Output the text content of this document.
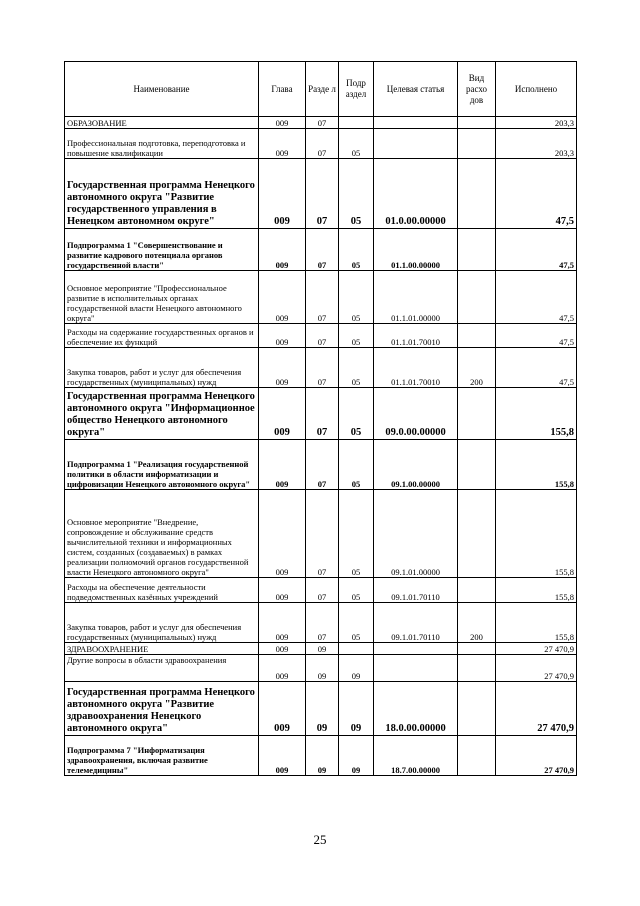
Наименование	Глава	Разде л	Подр аздел	Целевая статья	Вид расхо дов	Исполнено
ОБРАЗОВАНИЕ	009	07				203,3
Профессиональная подготовка, переподготовка и повышение квалификации	009	07	05			203,3
Государственная программа Ненецкого автономного округа "Развитие государственного управления в Ненецком автономном округе"	009	07	05	01.0.00.00000		47,5
Подпрограмма 1 "Совершенствование и развитие кадрового потенциала органов государственной власти"	009	07	05	01.1.00.00000		47,5
Основное мероприятие "Профессиональное развитие в исполнительных органах государственной власти Ненецкого автономного округа"	009	07	05	01.1.01.00000		47,5
Расходы на содержание государственных органов и обеспечение их функций	009	07	05	01.1.01.70010		47,5
Закупка товаров, работ и услуг для обеспечения государственных (муниципальных) нужд	009	07	05	01.1.01.70010	200	47,5
Государственная программа Ненецкого автономного округа "Информационное общество Ненецкого автономного округа"	009	07	05	09.0.00.00000		155,8
Подпрограмма 1 "Реализация государственной политики в области информатизации и цифровизации Ненецкого автономного округа"	009	07	05	09.1.00.00000		155,8
Основное мероприятие "Внедрение, сопровождение и обслуживание средств вычислительной техники и информационных систем, созданных (создаваемых) в рамках реализации полномочий органов государственной власти Ненецкого автономного округа"	009	07	05	09.1.01.00000		155,8
Расходы на обеспечение деятельности подведомственных казённых учреждений	009	07	05	09.1.01.70110		155,8
Закупка товаров, работ и услуг для обеспечения государственных (муниципальных) нужд	009	07	05	09.1.01.70110	200	155,8
ЗДРАВООХРАНЕНИЕ	009	09				27 470,9
Другие вопросы в области здравоохранения	009	09	09			27 470,9
Государственная программа Ненецкого автономного округа "Развитие здравоохранения Ненецкого автономного округа"	009	09	09	18.0.00.00000		27 470,9
Подпрограмма 7 "Информатизация здравоохранения, включая развитие телемедицины"	009	09	09	18.7.00.00000		27 470,9
25
